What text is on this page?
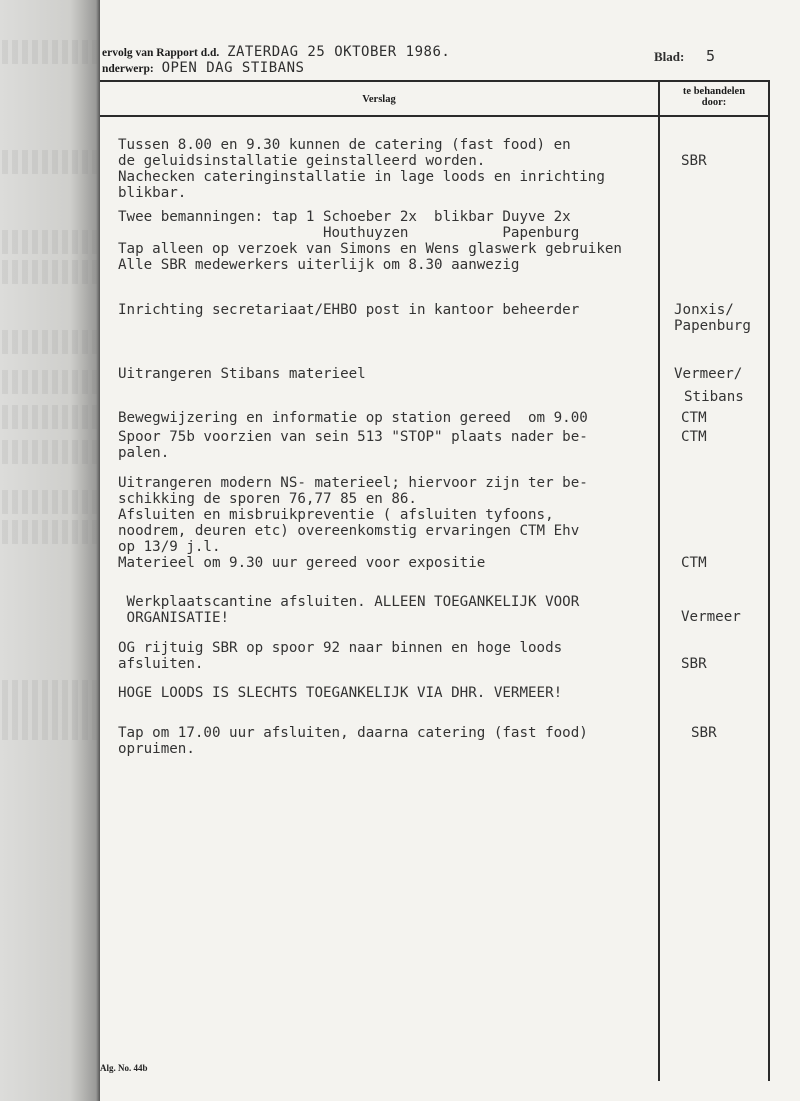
ervolg van Rapport d.d. ZATERDAG 25 OKTOBER 1986.
nderwerp: OPEN DAG STIBANS
Blad: 5
Verslag
te behandelen
door:
Tussen 8.00 en 9.30 kunnen de catering (fast food) en
de geluidsinstallatie geinstalleerd worden.
Nachecken cateringinstallatie in lage loods en inrichting
blikbar.
Twee bemanningen: tap 1 Schoeber 2x  blikbar Duyve 2x
Houthuyzen           Papenburg
Tap alleen op verzoek van Simons en Wens glaswerk gebruiken
Alle SBR medewerkers uiterlijk om 8.30 aanwezig
Inrichting secretariaat/EHBO post in kantoor beheerder
Uitrangeren Stibans materieel
Bewegwijzering en informatie op station gereed  om 9.00
Spoor 75b voorzien van sein 513 "STOP" plaats nader be-
palen.
Uitrangeren modern NS- materieel; hiervoor zijn ter be-
schikking de sporen 76,77 85 en 86.
Afsluiten en misbruikpreventie ( afsluiten tyfoons,
noodrem, deuren etc) overeenkomstig ervaringen CTM Ehv
op 13/9 j.l.
Materieel om 9.30 uur gereed voor expositie
Werkplaatscantine afsluiten. ALLEEN TOEGANKELIJK VOOR
ORGANISATIE!
OG rijtuig SBR op spoor 92 naar binnen en hoge loods
afsluiten.
HOGE LOODS IS SLECHTS TOEGANKELIJK VIA DHR. VERMEER!
Tap om 17.00 uur afsluiten, daarna catering (fast food)
opruimen.
SBR
Jonxis/
Papenburg
Vermeer/
Stibans
CTM
CTM
CTM
Vermeer
SBR
SBR
Alg. No. 44b
